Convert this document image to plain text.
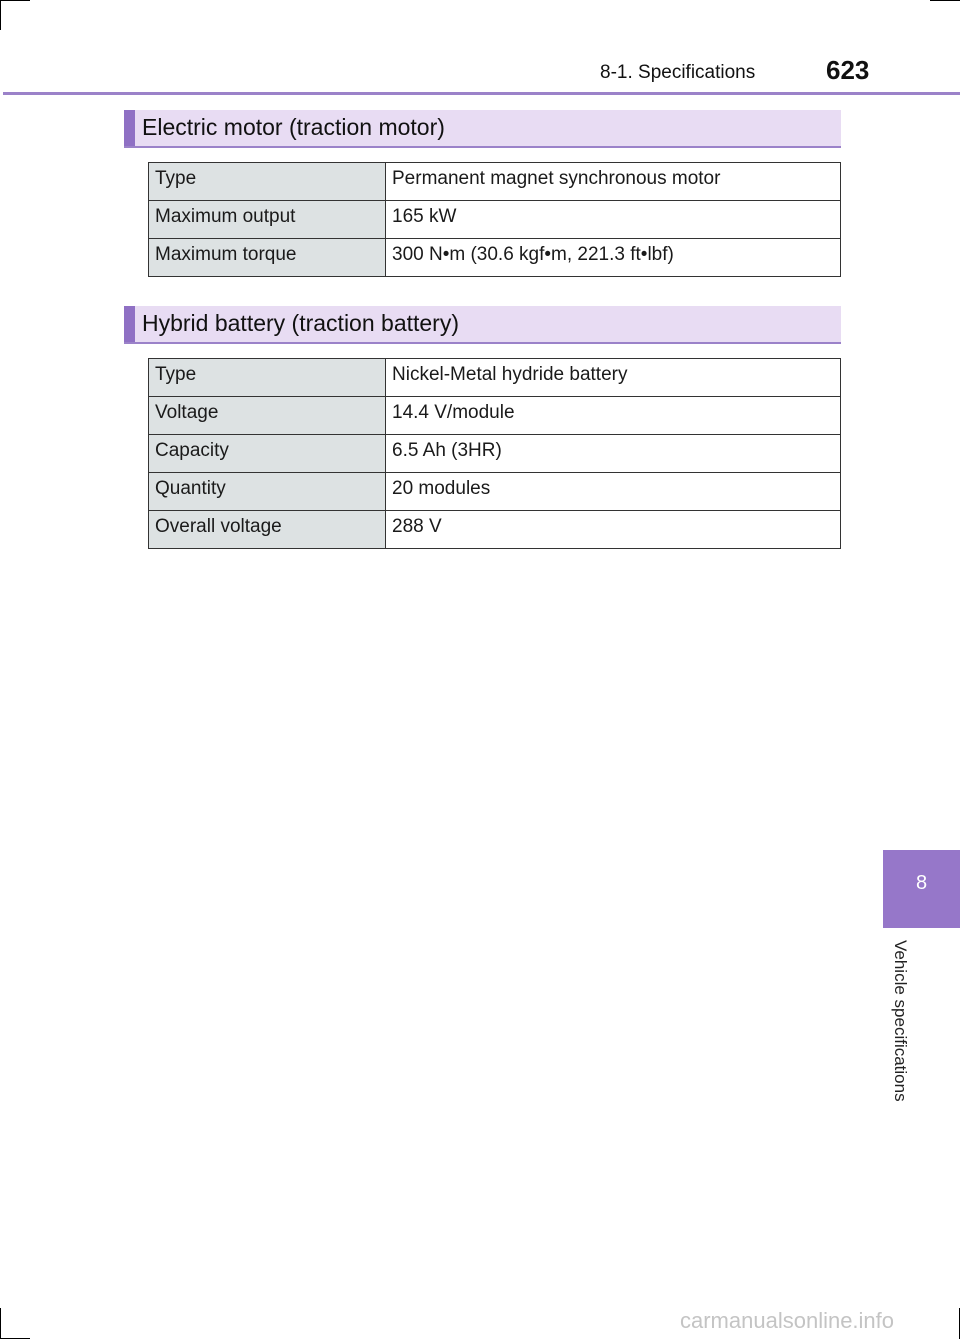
8-1. Specifications	623
Electric motor (traction motor)
Type	Permanent magnet synchronous motor
Maximum output	165 kW
Maximum torque	300 N•m (30.6 kgf•m, 221.3 ft•lbf)
Hybrid battery (traction battery)
Type	Nickel-Metal hydride battery
Voltage	14.4 V/module
Capacity	6.5 Ah (3HR)
Quantity	20 modules
Overall voltage	288 V
8
Vehicle specifications
carmanualsonline.info
